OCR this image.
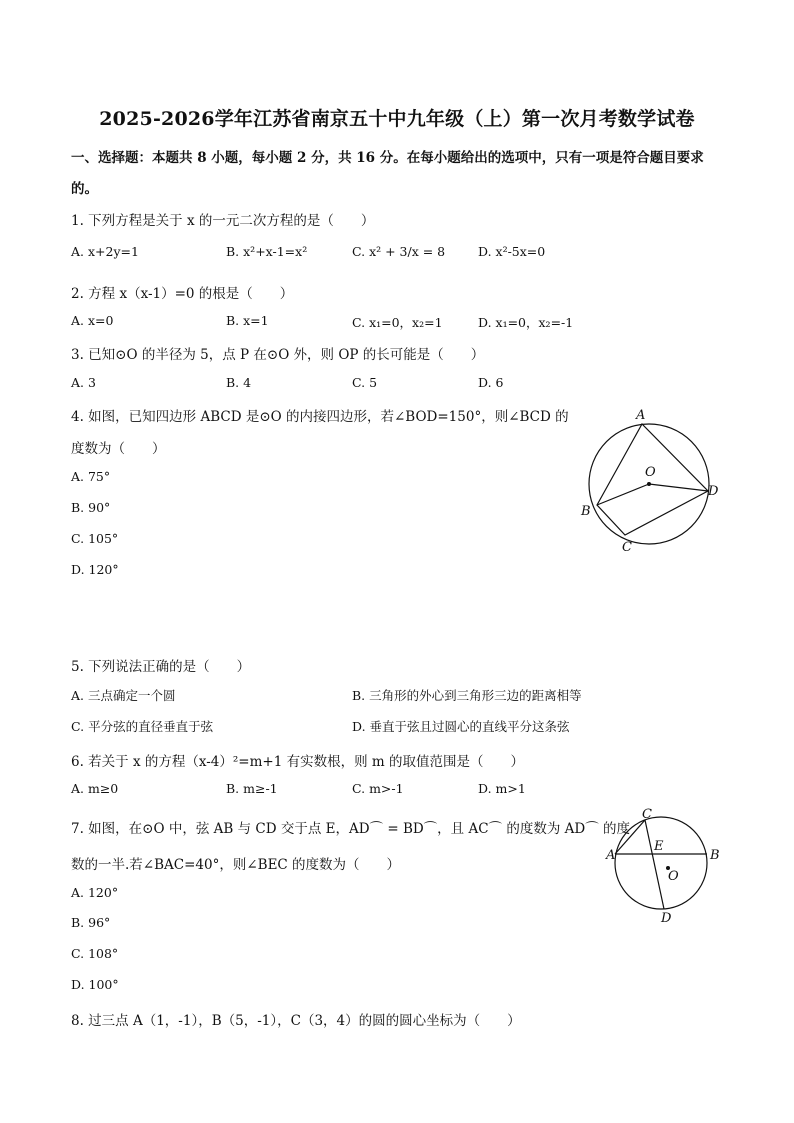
2025-2026学年江苏省南京五十中九年级（上）第一次月考数学试卷
一、选择题：本题共 8 小题，每小题 2 分，共 16 分。在每小题给出的选项中，只有一项是符合题目要求
的。
1. 下列方程是关于 x 的一元二次方程的是（　　）
A. x+2y=1	B. x²+x-1=x²	C. x² + 3/x = 8	D. x²-5x=0
2. 方程 x（x-1）=0 的根是（　　）
A. x=0	B. x=1	C. x₁=0，x₂=1	D. x₁=0，x₂=-1
3. 已知⊙O 的半径为 5，点 P 在⊙O 外，则 OP 的长可能是（　　）
A. 3	B. 4	C. 5	D. 6
4. 如图，已知四边形 ABCD 是⊙O 的内接四边形，若∠BOD=150°，则∠BCD 的
度数为（　　）
A. 75°
B. 90°
C. 105°
D. 120°
A
O
B
C
D
5. 下列说法正确的是（　　）
A. 三点确定一个圆	B. 三角形的外心到三角形三边的距离相等
C. 平分弦的直径垂直于弦	D. 垂直于弦且过圆心的直线平分这条弦
6. 若关于 x 的方程（x-4）²=m+1 有实数根，则 m 的取值范围是（　　）
A. m≥0	B. m≥-1	C. m>-1	D. m>1
7. 如图，在⊙O 中，弦 AB 与 CD 交于点 E，AD⌒ = BD⌒，且 AC⌒ 的度数为 AD⌒ 的度
数的一半.若∠BAC=40°，则∠BEC 的度数为（　　）
A. 120°
B. 96°
C. 108°
D. 100°
C
A
E
B
O
D
8. 过三点 A（1，-1），B（5，-1），C（3，4）的圆的圆心坐标为（　　）
